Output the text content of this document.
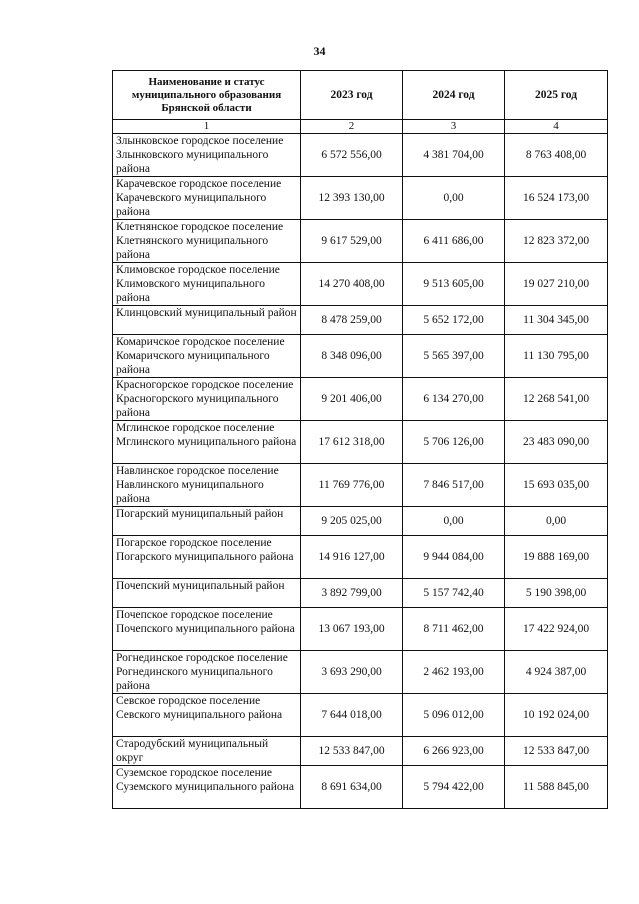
34
Наименование и статус муниципального образования Брянской области	2023 год	2024 год	2025 год
1	2	3	4
Злынковское городское поселение Злынковского муниципального района	6 572 556,00	4 381 704,00	8 763 408,00
Карачевское городское поселение Карачевского муниципального района	12 393 130,00	0,00	16 524 173,00
Клетнянское городское поселение Клетнянского муниципального района	9 617 529,00	6 411 686,00	12 823 372,00
Климовское городское поселение Климовского муниципального района	14 270 408,00	9 513 605,00	19 027 210,00
Клинцовский муниципальный район	8 478 259,00	5 652 172,00	11 304 345,00
Комаричское городское поселение Комаричского муниципального района	8 348 096,00	5 565 397,00	11 130 795,00
Красногорское городское поселение Красногорского муниципального района	9 201 406,00	6 134 270,00	12 268 541,00
Мглинское городское поселение Мглинского муниципального района	17 612 318,00	5 706 126,00	23 483 090,00
Навлинское городское поселение Навлинского муниципального района	11 769 776,00	7 846 517,00	15 693 035,00
Погарский муниципальный район	9 205 025,00	0,00	0,00
Погарское городское поселение Погарского муниципального района	14 916 127,00	9 944 084,00	19 888 169,00
Почепский муниципальный район	3 892 799,00	5 157 742,40	5 190 398,00
Почепское городское поселение Почепского муниципального района	13 067 193,00	8 711 462,00	17 422 924,00
Рогнединское городское поселение Рогнединского муниципального района	3 693 290,00	2 462 193,00	4 924 387,00
Севское городское поселение Севского муниципального района	7 644 018,00	5 096 012,00	10 192 024,00
Стародубский муниципальный округ	12 533 847,00	6 266 923,00	12 533 847,00
Суземское городское поселение Суземского муниципального района	8 691 634,00	5 794 422,00	11 588 845,00
